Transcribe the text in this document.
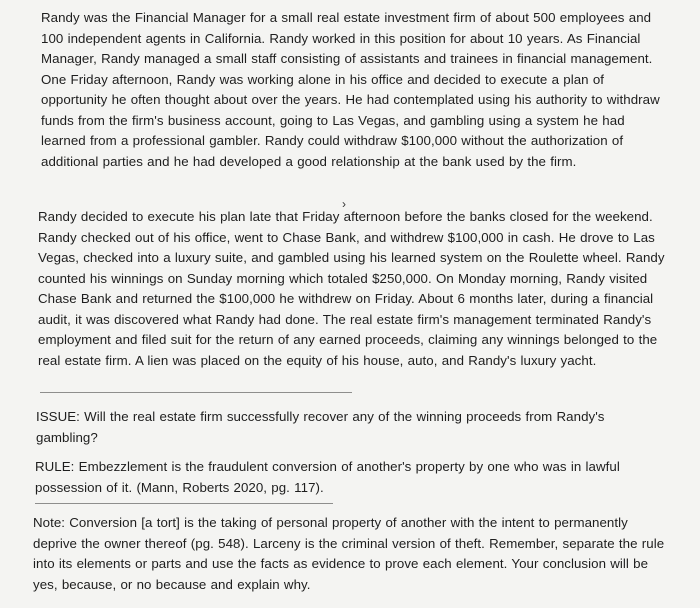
Randy was the Financial Manager for a small real estate investment firm of about 500 employees and 100 independent agents in California. Randy worked in this position for about 10 years. As Financial Manager, Randy managed a small staff consisting of assistants and trainees in financial management. One Friday afternoon, Randy was working alone in his office and decided to execute a plan of opportunity he often thought about over the years. He had contemplated using his authority to withdraw funds from the firm's business account, going to Las Vegas, and gambling using a system he had learned from a professional gambler. Randy could withdraw $100,000 without the authorization of additional parties and he had developed a good relationship at the bank used by the firm.

›

Randy decided to execute his plan late that Friday afternoon before the banks closed for the weekend. Randy checked out of his office, went to Chase Bank, and withdrew $100,000 in cash. He drove to Las Vegas, checked into a luxury suite, and gambled using his learned system on the Roulette wheel. Randy counted his winnings on Sunday morning which totaled $250,000. On Monday morning, Randy visited Chase Bank and returned the $100,000 he withdrew on Friday. About 6 months later, during a financial audit, it was discovered what Randy had done. The real estate firm's management terminated Randy's employment and filed suit for the return of any earned proceeds, claiming any winnings belonged to the real estate firm. A lien was placed on the equity of his house, auto, and Randy's luxury yacht.

ISSUE: Will the real estate firm successfully recover any of the winning proceeds from Randy's gambling?

RULE: Embezzlement is the fraudulent conversion of another's property by one who was in lawful possession of it. (Mann, Roberts 2020, pg. 117).

Note: Conversion [a tort] is the taking of personal property of another with the intent to permanently deprive the owner thereof (pg. 548). Larceny is the criminal version of theft. Remember, separate the rule into its elements or parts and use the facts as evidence to prove each element. Your conclusion will be yes, because, or no because and explain why.
